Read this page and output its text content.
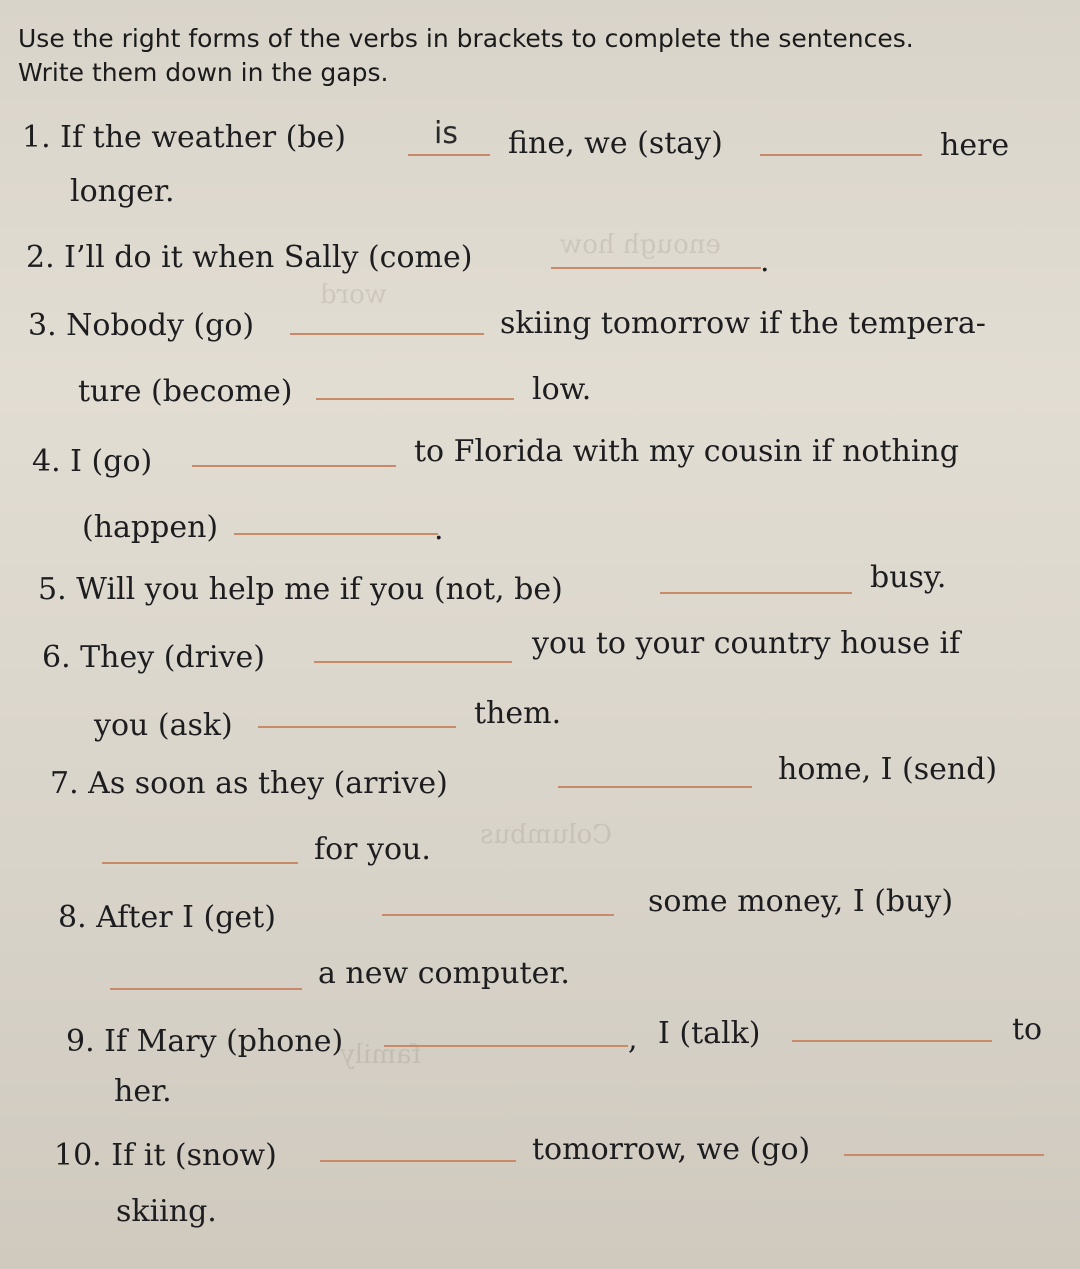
enough how
word
Columbus
family
Use the right forms of the verbs in brackets to complete the sentences.
Write them down in the gaps.
1. If the weather (be)	is fine, we (stay)	here
longer.
2. I’ll do it when Sally (come)	.
3. Nobody (go)	skiing tomorrow if the tempera-
ture (become)	low.
4. I (go)	to Florida with my cousin if nothing
(happen)	.
5. Will you help me if you (not, be)	busy.
6. They (drive)	you to your country house if
you (ask)	them.
7. As soon as they (arrive)	home, I (send)
for you.
8. After I (get)	some money, I (buy)
a new computer.
9. If Mary (phone)	, I (talk)	to
her.
10. If it (snow)	tomorrow, we (go)
skiing.
